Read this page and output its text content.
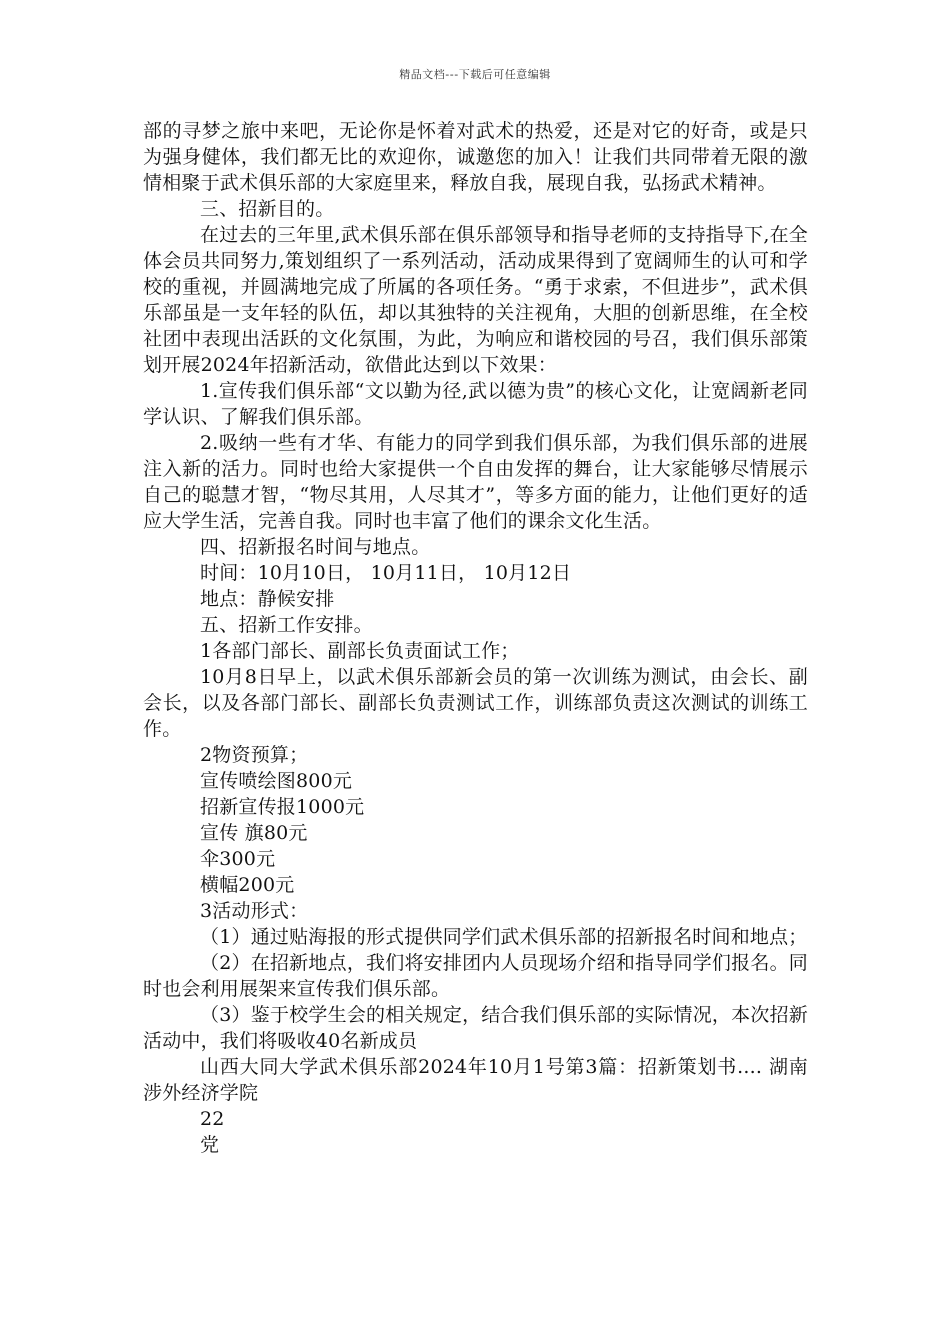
精品文档---下载后可任意编辑

部的寻梦之旅中来吧，无论你是怀着对武术的热爱，还是对它的好奇，或是只为强身健体，我们都无比的欢迎你，诚邀您的加入！让我们共同带着无限的激情相聚于武术俱乐部的大家庭里来，释放自我，展现自我，弘扬武术精神。

三、招新目的。

在过去的三年里,武术俱乐部在俱乐部领导和指导老师的支持指导下,在全体会员共同努力,策划组织了一系列活动，活动成果得到了宽阔师生的认可和学校的重视，并圆满地完成了所属的各项任务。“勇于求索，不但进步”，武术俱乐部虽是一支年轻的队伍，却以其独特的关注视角，大胆的创新思维，在全校社团中表现出活跃的文化氛围，为此，为响应和谐校园的号召，我们俱乐部策划开展2024年招新活动，欲借此达到以下效果：

1.宣传我们俱乐部“文以勤为径,武以德为贵”的核心文化，让宽阔新老同学认识、了解我们俱乐部。

2.吸纳一些有才华、有能力的同学到我们俱乐部，为我们俱乐部的进展注入新的活力。同时也给大家提供一个自由发挥的舞台，让大家能够尽情展示自己的聪慧才智，“物尽其用，人尽其才”，等多方面的能力，让他们更好的适应大学生活，完善自我。同时也丰富了他们的课余文化生活。

四、招新报名时间与地点。

时间：10月10日， 10月11日， 10月12日

地点：静候安排

五、招新工作安排。

1各部门部长、副部长负责面试工作；

10月8日早上，以武术俱乐部新会员的第一次训练为测试，由会长、副会长，以及各部门部长、副部长负责测试工作，训练部负责这次测试的训练工作。

2物资预算；

宣传喷绘图800元

招新宣传报1000元

宣传 旗80元

伞300元

横幅200元

3活动形式：

（1）通过贴海报的形式提供同学们武术俱乐部的招新报名时间和地点；

（2）在招新地点，我们将安排团内人员现场介绍和指导同学们报名。同时也会利用展架来宣传我们俱乐部。

（3）鉴于校学生会的相关规定，结合我们俱乐部的实际情况，本次招新活动中，我们将吸收40名新成员

山西大同大学武术俱乐部2024年10月1号第3篇：招新策划书.... 湖南涉外经济学院

22

党
